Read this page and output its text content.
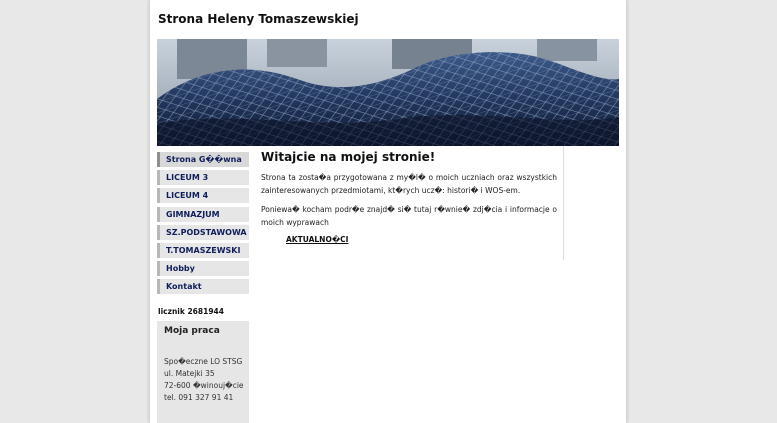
Strona Heleny Tomaszewskiej
Strona G��wna
LICEUM 3
LICEUM 4
GIMNAZJUM
SZ.PODSTAWOWA
T.TOMASZEWSKI
Hobby
Kontakt
licznik 2681944
Moja praca
Spo�eczne LO STSG
ul. Matejki 35
72-600 �winouj�cie
tel. 091 327 91 41
Witajcie na mojej stronie!

Strona ta zosta�a przygotowana z my�l� o moich uczniach oraz wszystkich zainteresowanych przedmiotami, kt�rych ucz�: histori� i WOS-em.

Poniewa� kocham podr�e znajd� si� tutaj r�wnie� zdj�cia i informacje o moich wyprawach

AKTUALNO�CI
